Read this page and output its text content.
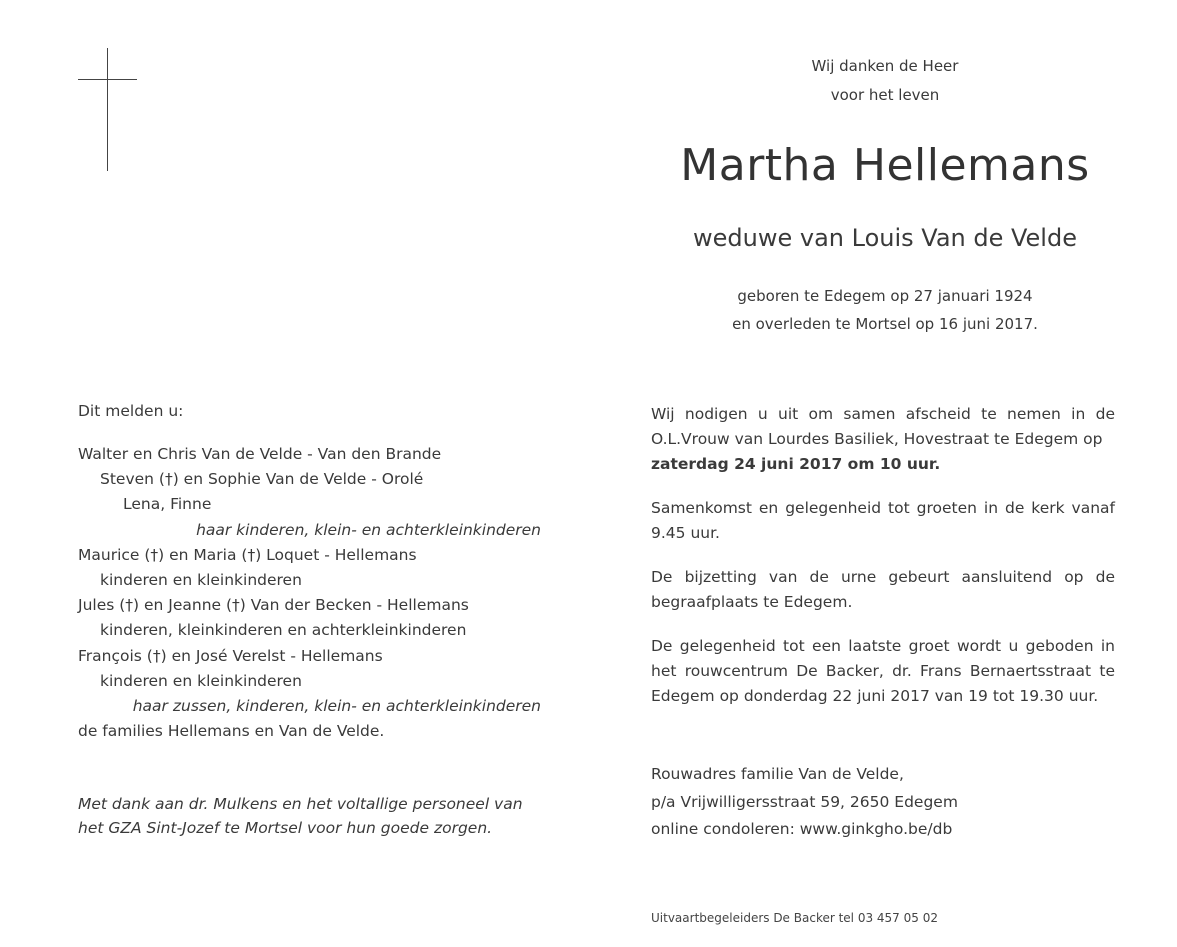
Wij danken de Heer
voor het leven
Martha Hellemans
weduwe van Louis Van de Velde
geboren te Edegem op 27 januari 1924
en overleden te Mortsel op 16 juni 2017.
Dit melden u:
Walter en Chris Van de Velde - Van den Brande
Steven (†) en Sophie Van de Velde - Orolé
Lena, Finne
haar kinderen, klein- en achterkleinkinderen
Maurice (†) en Maria (†) Loquet - Hellemans
kinderen en kleinkinderen
Jules (†) en Jeanne (†) Van der Becken - Hellemans
kinderen, kleinkinderen en achterkleinkinderen
François (†) en José Verelst - Hellemans
kinderen en kleinkinderen
haar zussen, kinderen, klein- en achterkleinkinderen
de families Hellemans en Van de Velde.
Met dank aan dr. Mulkens en het voltallige personeel van
het GZA Sint-Jozef te Mortsel voor hun goede zorgen.

Wij nodigen u uit om samen afscheid te nemen in de O.L.Vrouw van Lourdes Basiliek, Hovestraat te Edegem op
zaterdag 24 juni 2017 om 10 uur.

Samenkomst en gelegenheid tot groeten in de kerk vanaf 9.45 uur.

De bijzetting van de urne gebeurt aansluitend op de begraafplaats te Edegem.

De gelegenheid tot een laatste groet wordt u geboden in het rouwcentrum De Backer, dr. Frans Bernaertsstraat te Edegem op donderdag 22 juni 2017 van 19 tot 19.30 uur.

Rouwadres familie Van de Velde,
p/a Vrijwilligersstraat 59, 2650 Edegem
online condoleren: www.ginkgho.be/db
Uitvaartbegeleiders De Backer tel 03 457 05 02
